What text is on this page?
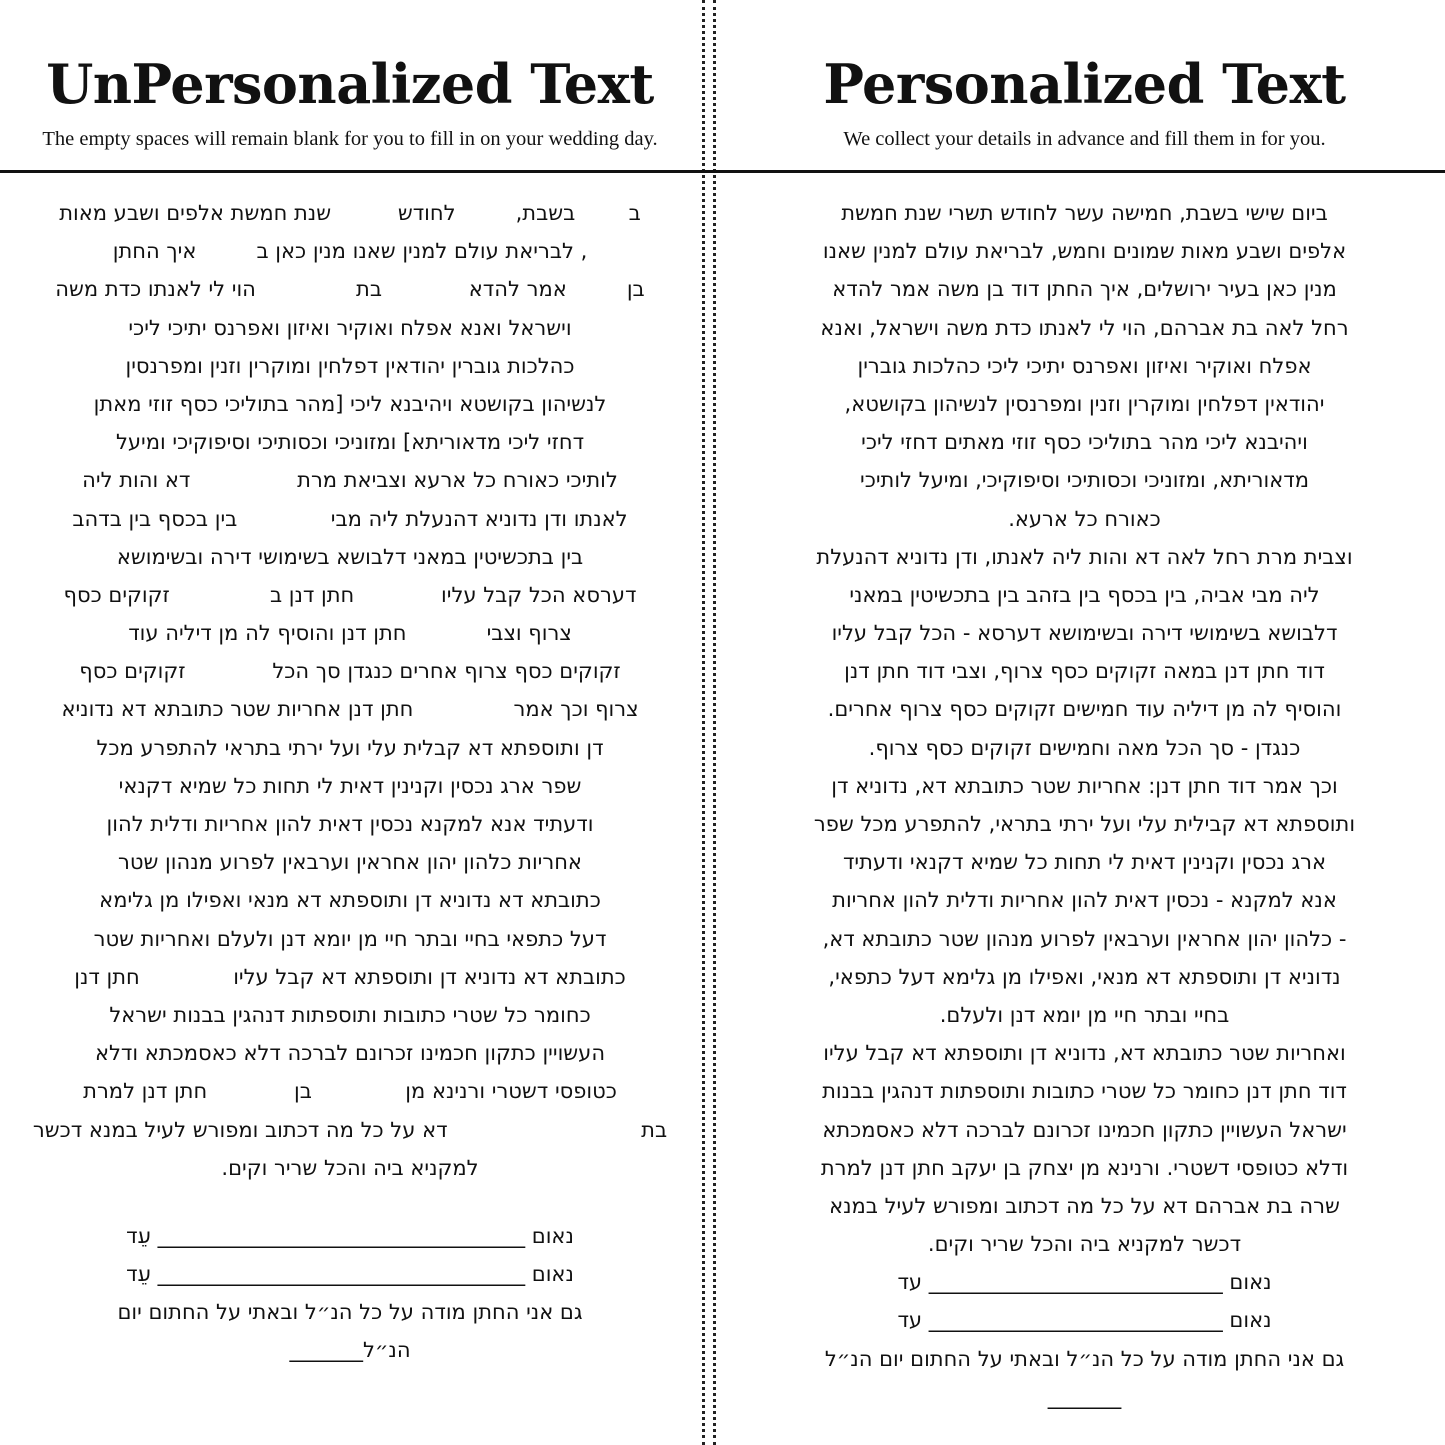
UnPersonalized Text
The empty spaces will remain blank for you to fill in on your wedding day.
ב        בשבת,         לחודש          שנת חמשת אלפים ושבע מאות
, לבריאת עולם למנין שאנו מנין כאן ב         איך החתן
בן         אמר להדא             בת               הוי לי לאנתו כדת משה
וישראל ואנא אפלח ואוקיר ואיזון ואפרנס יתיכי ליכי
כהלכות גוברין יהודאין דפלחין ומוקרין וזנין ומפרנסין
לנשיהון בקושטא ויהיבנא ליכי [מהר בתוליכי כסף זוזי מאתן
דחזי ליכי מדאוריתא] ומזוניכי וכסותיכי וסיפוקיכי ומיעל
לותיכי כאורח כל ארעא וצביאת מרת                דא והות ליה
לאנתו ודן נדוניא דהנעלת ליה מבי              בין בכסף בין בדהב
בין בתכשיטין במאני דלבושא בשימושי דירה ובשימושא
דערסא הכל קבל עליו             חתן דנן ב               זקוקים כסף
צרוף וצבי            חתן דנן והוסיף לה מן דיליה עוד
זקוקים כסף צרוף אחרים כנגדן סך הכל             זקוקים כסף
צרוף וכך אמר               חתן דנן אחריות שטר כתובתא דא נדוניא
דן ותוספתא דא קבלית עלי ועל ירתי בתראי להתפרע מכל
שפר ארג נכסין וקנינין דאית לי תחות כל שמיא דקנאי
ודעתיד אנא למקנא נכסין דאית להון אחריות ודלית להון
אחריות כלהון יהון אחראין וערבאין לפרוע מנהון שטר
כתובתא דא נדוניא דן ותוספתא דא מנאי ואפילו מן גלימא
דעל כתפאי בחיי ובתר חיי מן יומא דנן ולעלם ואחריות שטר
כתובתא דא נדוניא דן ותוספתא דא קבל עליו              חתן דנן
כחומר כל שטרי כתובות ותוספתות דנהגין בבנות ישראל
העשויין כתקון חכמינו זכרונם לברכה דלא כאסמכתא ודלא
כטופסי דשטרי ורנינא מן              בן             חתן דנן למרת
בת                             דא על כל מה דכתוב ומפורש לעיל במנא דכשר
למקניא ביה והכל שריר וקים.
נאום ___________________________________ עֵד
נאום ___________________________________ עֵד
גם אני החתן מודה על כל הנ״ל ובאתי על החתום יום
הנ״ל_______
Personalized Text
We collect your details in advance and fill them in for you.
ביום שישי בשבת, חמישה עשר לחודש תשרי שנת חמשת
אלפים ושבע מאות שמונים וחמש, לבריאת עולם למנין שאנו
מנין כאן בעיר ירושלים, איך החתן דוד בן משה אמר להדא
רחל לאה בת אברהם, הוי לי לאנתו כדת משה וישראל, ואנא
אפלח ואוקיר ואיזון ואפרנס יתיכי ליכי כהלכות גוברין
יהודאין דפלחין ומוקרין וזנין ומפרנסין לנשיהון בקושטא,
ויהיבנא ליכי מהר בתוליכי כסף זוזי מאתים דחזי ליכי
מדאוריתא, ומזוניכי וכסותיכי וסיפוקיכי, ומיעל לותיכי
כאורח כל ארעא.
וצבית מרת רחל לאה דא והות ליה לאנתו, ודן נדוניא דהנעלת
ליה מבי אביה, בין בכסף בין בזהב בין בתכשיטין במאני
דלבושא בשימושי דירה ובשימושא דערסא - הכל קבל עליו
דוד חתן דנן במאה זקוקים כסף צרוף, וצבי דוד חתן דנן
והוסיף לה מן דיליה עוד חמישים זקוקים כסף צרוף אחרים.
כנגדן - סך הכל מאה וחמישים זקוקים כסף צרוף.
וכך אמר דוד חתן דנן: אחריות שטר כתובתא דא, נדוניא דן
ותוספתא דא קבילית עלי ועל ירתי בתראי, להתפרע מכל שפר
ארג נכסין וקנינין דאית לי תחות כל שמיא דקנאי ודעתיד
אנא למקנא - נכסין דאית להון אחריות ודלית להון אחריות
- כלהון יהון אחראין וערבאין לפרוע מנהון שטר כתובתא דא,
נדוניא דן ותוספתא דא מנאי, ואפילו מן גלימא דעל כתפאי,
בחיי ובתר חיי מן יומא דנן ולעלם.
ואחריות שטר כתובתא דא, נדוניא דן ותוספתא דא קבל עליו
דוד חתן דנן כחומר כל שטרי כתובות ותוספתות דנהגין בבנות
ישראל העשויין כתקון חכמינו זכרונם לברכה דלא כאסמכתא
ודלא כטופסי דשטרי. ורנינא מן יצחק בן יעקב חתן דנן למרת
שרה בת אברהם דא על כל מה דכתוב ומפורש לעיל במנא
דכשר למקניא ביה והכל שריר וקים.
נאום ____________________________ עד
נאום ____________________________ עד
גם אני החתן מודה על כל הנ״ל ובאתי על החתום יום הנ״ל
_______
